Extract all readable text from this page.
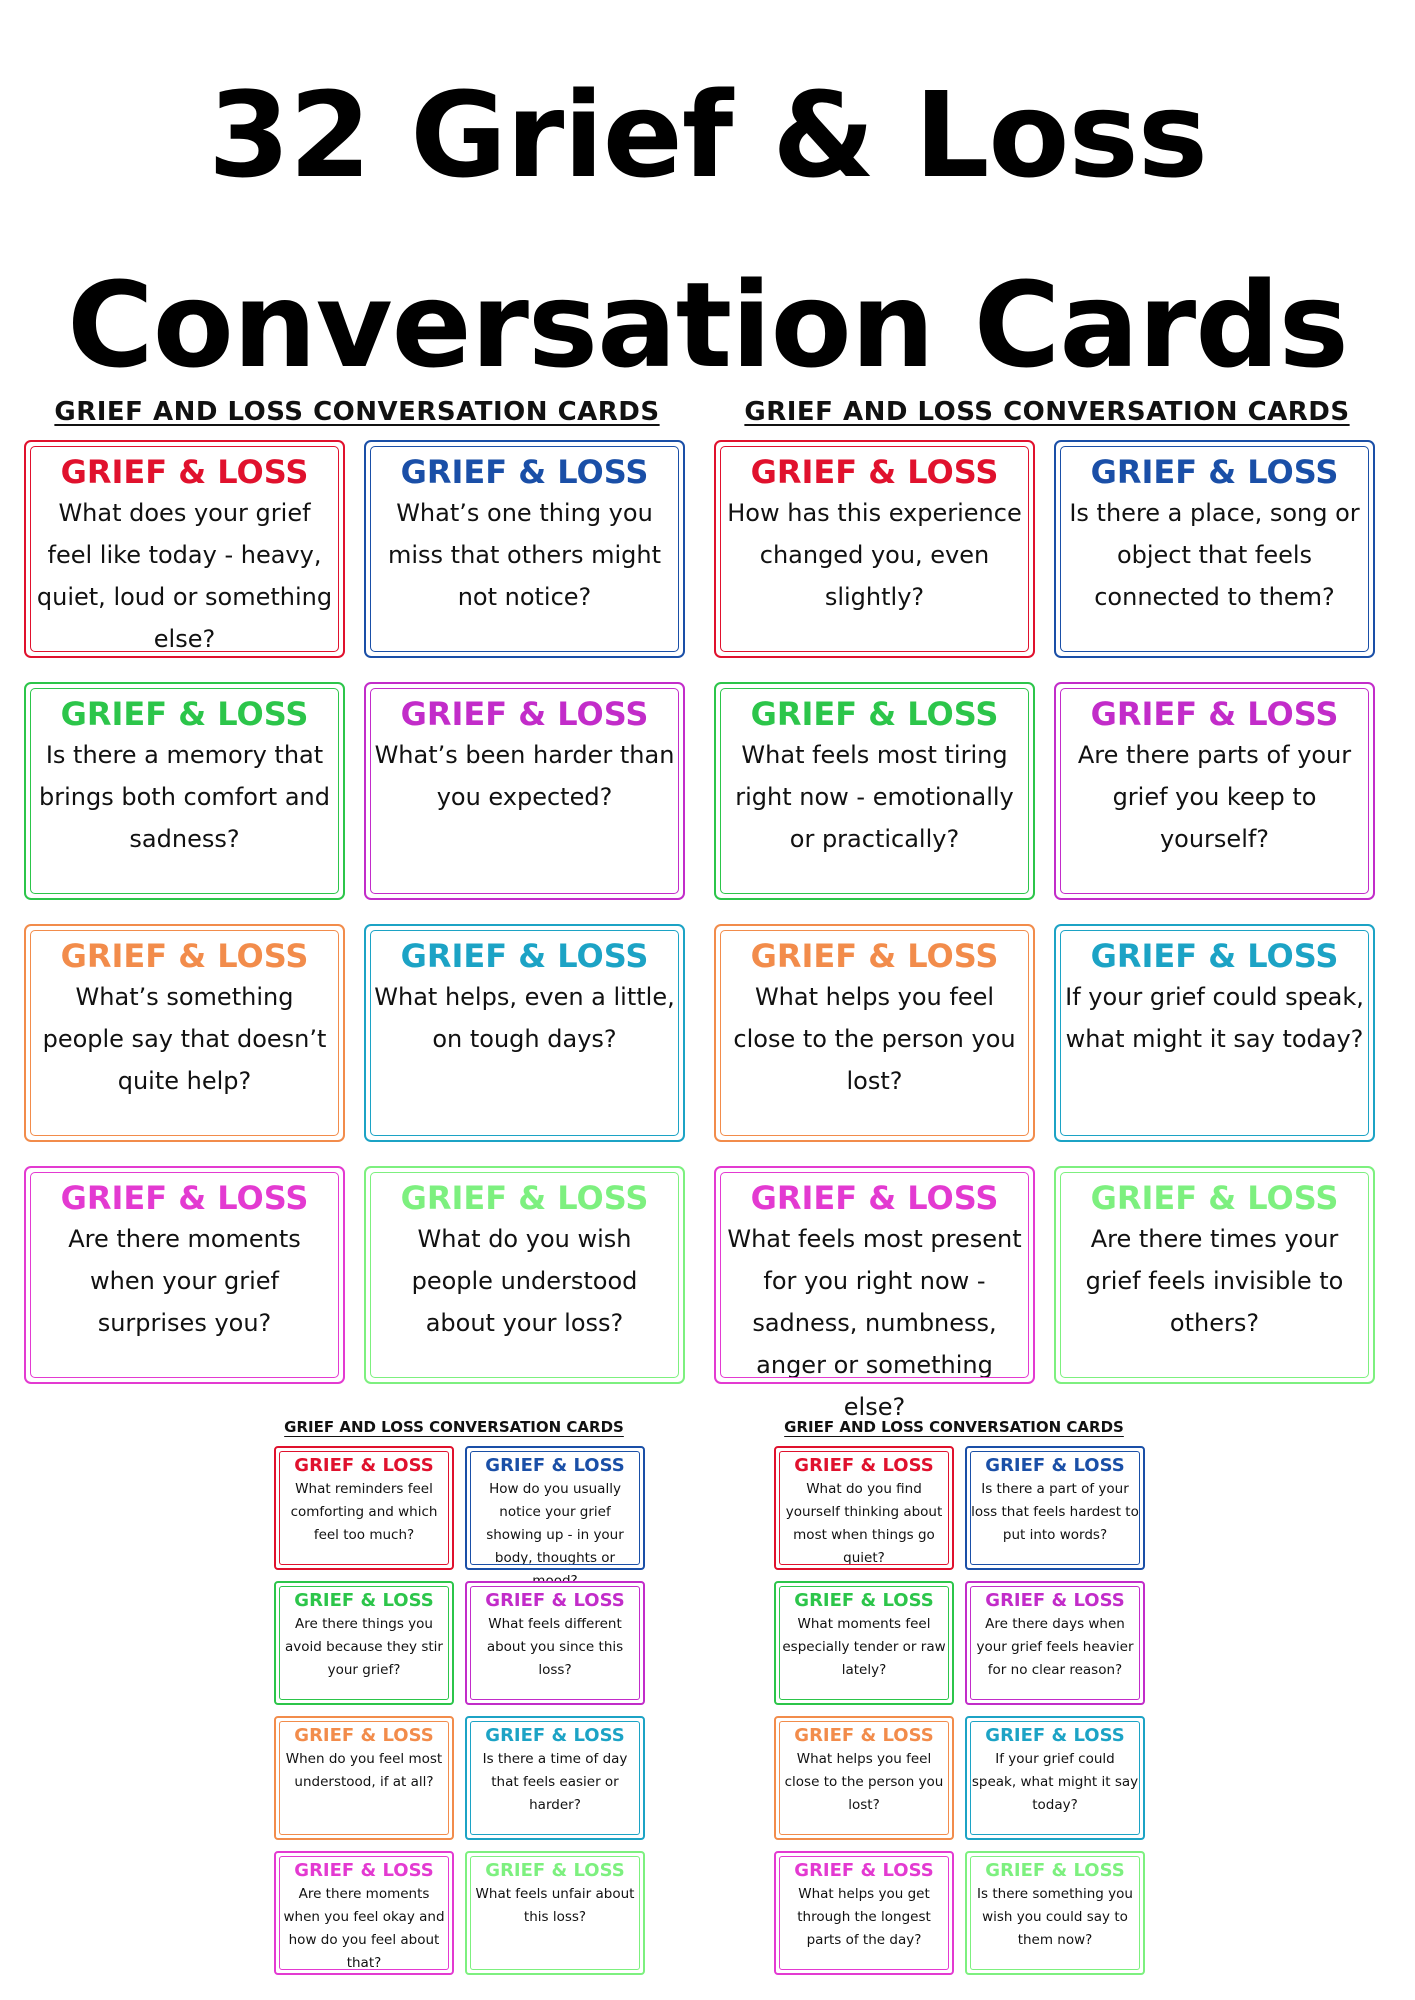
32 Grief & Loss
Conversation Cards
GRIEF AND LOSS CONVERSATION CARDS
GRIEF & LOSS
What does your grief feel like today - heavy, quiet, loud or something else?
GRIEF & LOSS
What’s one thing you miss that others might not notice?
GRIEF & LOSS
Is there a memory that brings both comfort and sadness?
GRIEF & LOSS
What’s been harder than you expected?
GRIEF & LOSS
What’s something people say that doesn’t quite help?
GRIEF & LOSS
What helps, even a little, on tough days?
GRIEF & LOSS
Are there moments when your grief surprises you?
GRIEF & LOSS
What do you wish people understood about your loss?
GRIEF AND LOSS CONVERSATION CARDS
GRIEF & LOSS
How has this experience changed you, even slightly?
GRIEF & LOSS
Is there a place, song or object that feels connected to them?
GRIEF & LOSS
What feels most tiring right now - emotionally or practically?
GRIEF & LOSS
Are there parts of your grief you keep to yourself?
GRIEF & LOSS
What helps you feel close to the person you lost?
GRIEF & LOSS
If your grief could speak, what might it say today?
GRIEF & LOSS
What feels most present for you right now - sadness, numbness, anger or something else?
GRIEF & LOSS
Are there times your grief feels invisible to others?
GRIEF AND LOSS CONVERSATION CARDS
GRIEF & LOSS
What reminders feel comforting and which feel too much?
GRIEF & LOSS
How do you usually notice your grief showing up - in your body, thoughts or
GRIEF & LOSS
Are there things you avoid because they stir your grief?
GRIEF & LOSS
What feels different about you since this loss?
GRIEF & LOSS
When do you feel most understood, if at all?
GRIEF & LOSS
Is there a time of day that feels easier or harder?
GRIEF & LOSS
Are there moments when you feel okay and how do you feel about that?
GRIEF & LOSS
What feels unfair about this loss?
GRIEF AND LOSS CONVERSATION CARDS
GRIEF & LOSS
What do you find yourself thinking about most when things go quiet?
GRIEF & LOSS
Is there a part of your loss that feels hardest to put into words?
GRIEF & LOSS
What moments feel especially tender or raw lately?
GRIEF & LOSS
Are there days when your grief feels heavier for no clear reason?
GRIEF & LOSS
What helps you feel close to the person you lost?
GRIEF & LOSS
If your grief could speak, what might it say today?
GRIEF & LOSS
What helps you get through the longest parts of the day?
GRIEF & LOSS
Is there something you wish you could say to them now?
